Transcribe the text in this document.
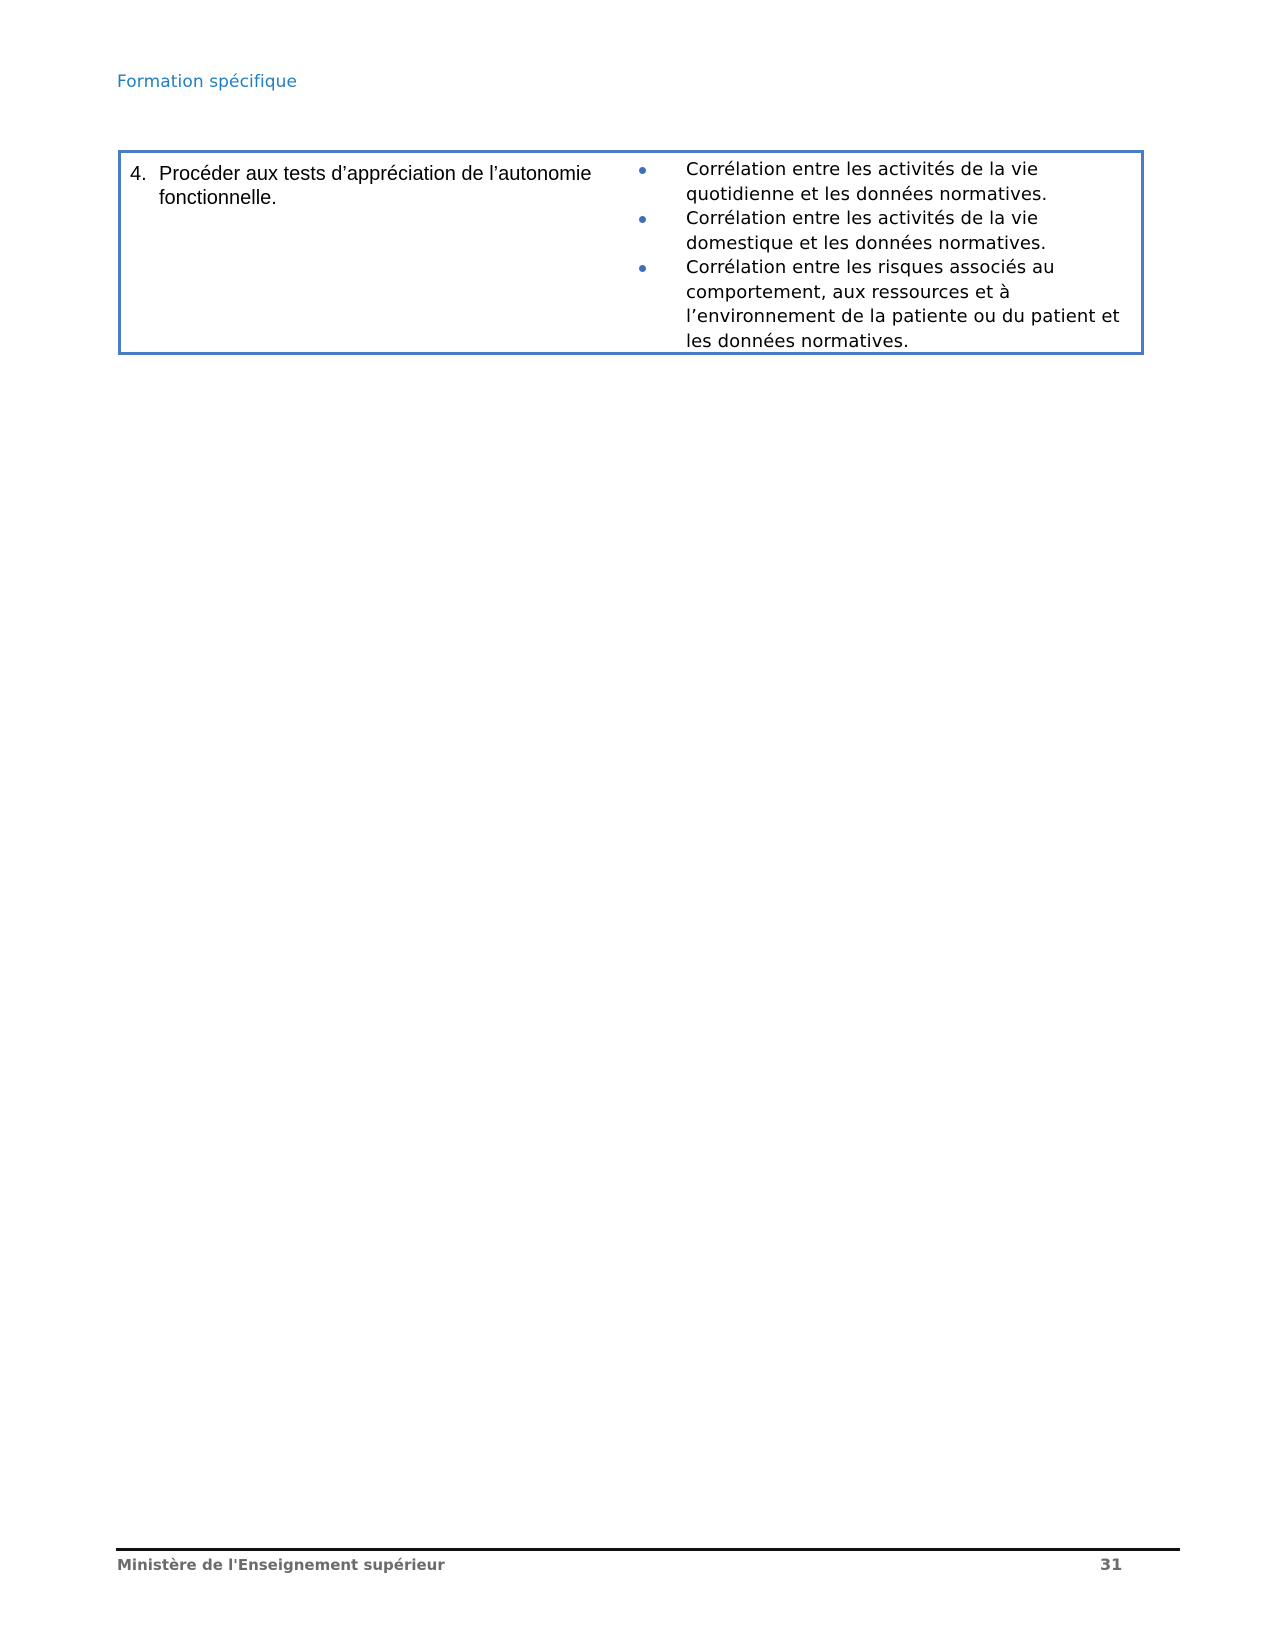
Formation spécifique
4. Procéder aux tests d’appréciation de l’autonomie fonctionnelle.
Corrélation entre les activités de la vie quotidienne et les données normatives.
Corrélation entre les activités de la vie domestique et les données normatives.
Corrélation entre les risques associés au comportement, aux ressources et à l’environnement de la patiente ou du patient et les données normatives.
Ministère de l'Enseignement supérieur	31
